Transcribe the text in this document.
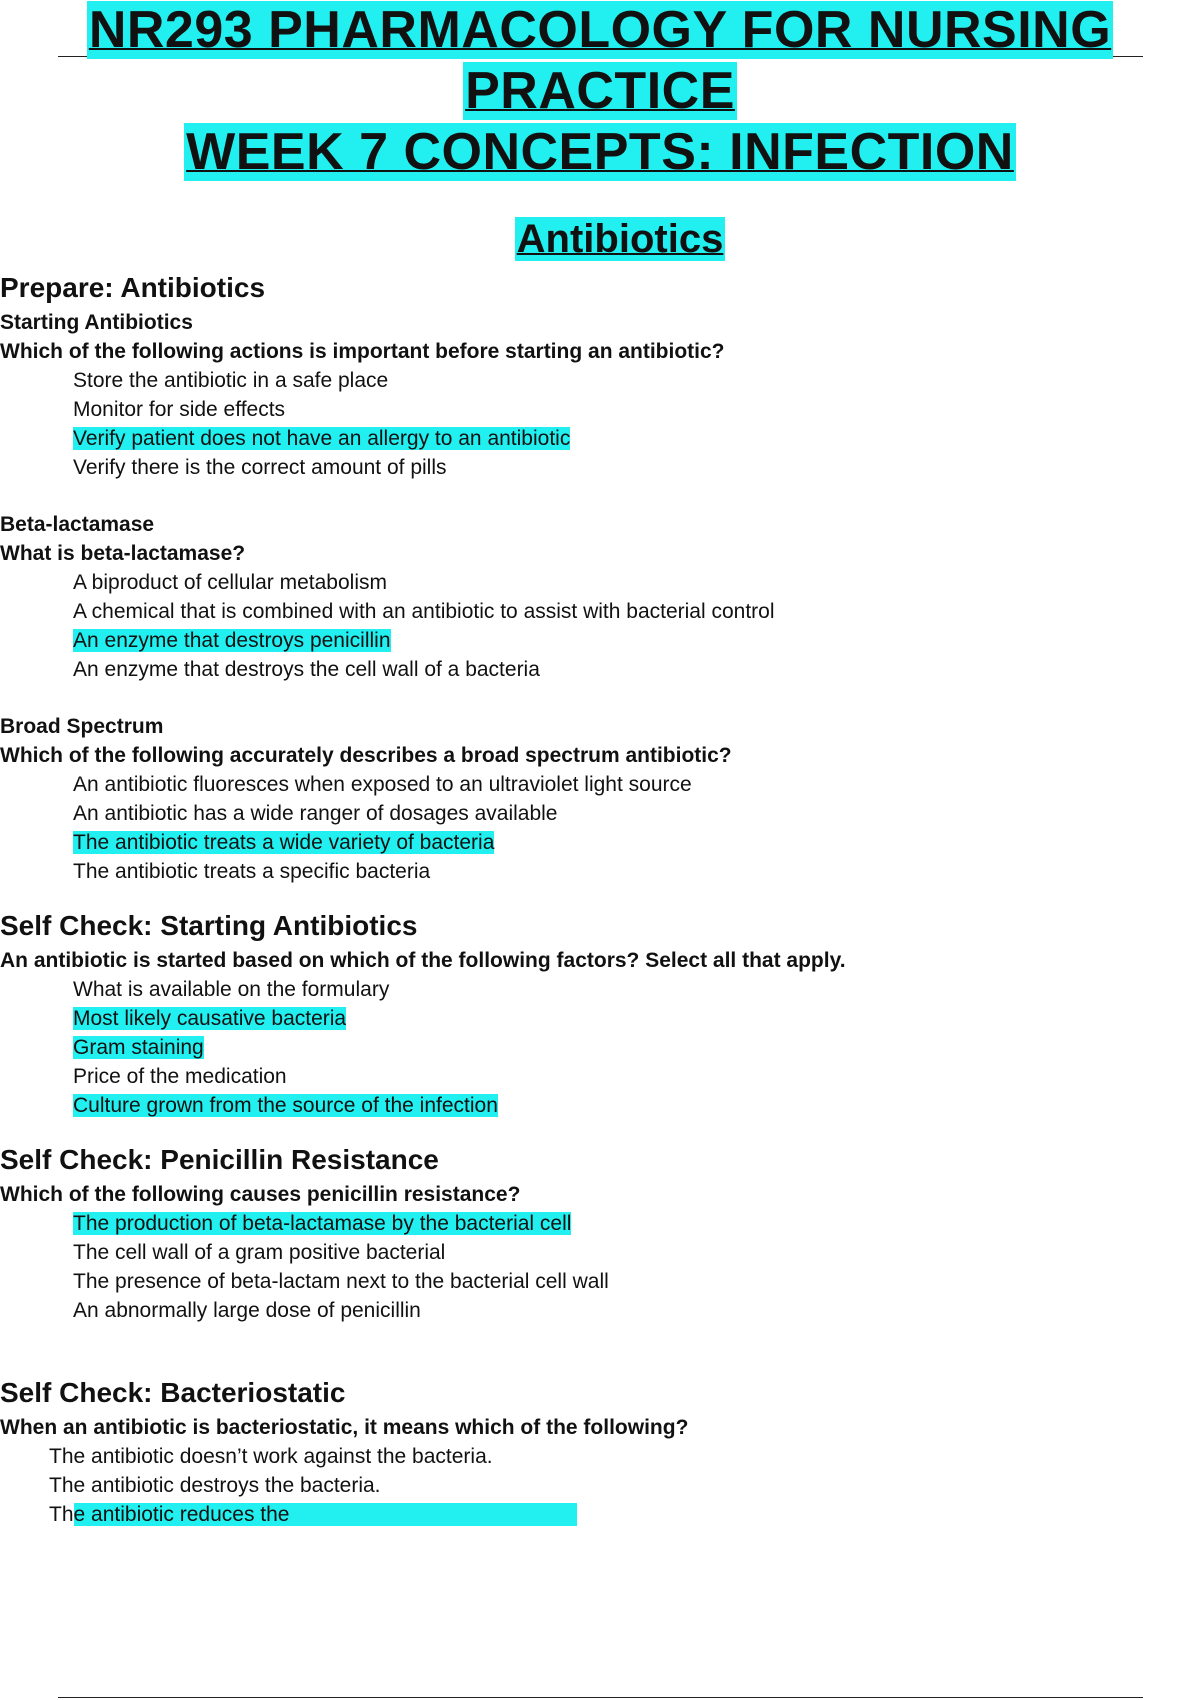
NR293 PHARMACOLOGY FOR NURSING
PRACTICE
WEEK 7 CONCEPTS: INFECTION
Antibiotics

Prepare: Antibiotics

Starting Antibiotics

Which of the following actions is important before starting an antibiotic?

Store the antibiotic in a safe place
Monitor for side effects
Verify patient does not have an allergy to an antibiotic
Verify there is the correct amount of pills

Beta-lactamase

What is beta-lactamase?

A biproduct of cellular metabolism
A chemical that is combined with an antibiotic to assist with bacterial control
An enzyme that destroys penicillin
An enzyme that destroys the cell wall of a bacteria

Broad Spectrum

Which of the following accurately describes a broad spectrum antibiotic?

An antibiotic fluoresces when exposed to an ultraviolet light source
An antibiotic has a wide ranger of dosages available
The antibiotic treats a wide variety of bacteria
The antibiotic treats a specific bacteria

Self Check: Starting Antibiotics

An antibiotic is started based on which of the following factors? Select all that apply.

What is available on the formulary
Most likely causative bacteria
Gram staining
Price of the medication
Culture grown from the source of the infection

Self Check: Penicillin Resistance

Which of the following causes penicillin resistance?

The production of beta-lactamase by the bacterial cell
The cell wall of a gram positive bacterial
The presence of beta-lactam next to the bacterial cell wall
An abnormally large dose of penicillin

Self Check: Bacteriostatic

When an antibiotic is bacteriostatic, it means which of the following?

The antibiotic doesn’t work against the bacteria.
The antibiotic destroys the bacteria.
The antibiotic reduces the
